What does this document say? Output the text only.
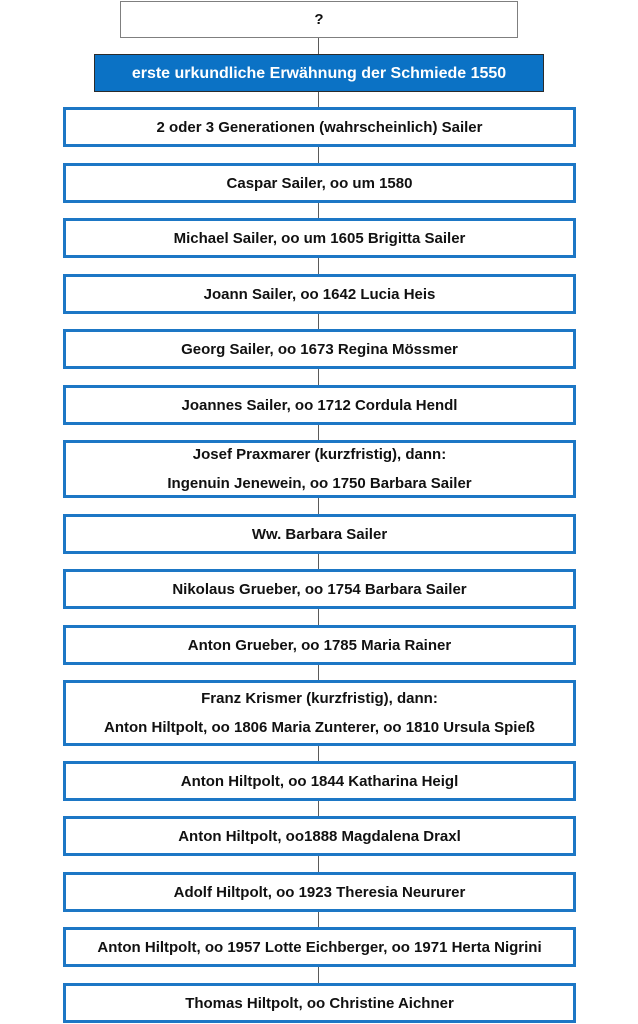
?
erste urkundliche Erwähnung der Schmiede 1550
2 oder 3 Generationen (wahrscheinlich) Sailer
Caspar Sailer, oo um 1580
Michael Sailer, oo um 1605 Brigitta Sailer
Joann Sailer, oo 1642 Lucia Heis
Georg Sailer, oo 1673 Regina Mössmer
Joannes Sailer, oo 1712 Cordula Hendl
Josef Praxmarer (kurzfristig), dann:
Ingenuin Jenewein, oo 1750 Barbara Sailer
Ww. Barbara Sailer
Nikolaus Grueber, oo 1754 Barbara Sailer
Anton Grueber, oo 1785 Maria Rainer
Franz Krismer (kurzfristig), dann:
Anton Hiltpolt, oo 1806 Maria Zunterer, oo 1810 Ursula Spieß
Anton Hiltpolt, oo 1844 Katharina Heigl
Anton Hiltpolt, oo1888 Magdalena Draxl
Adolf Hiltpolt, oo 1923 Theresia Neururer
Anton Hiltpolt, oo 1957 Lotte Eichberger, oo 1971 Herta Nigrini
Thomas Hiltpolt, oo Christine Aichner
